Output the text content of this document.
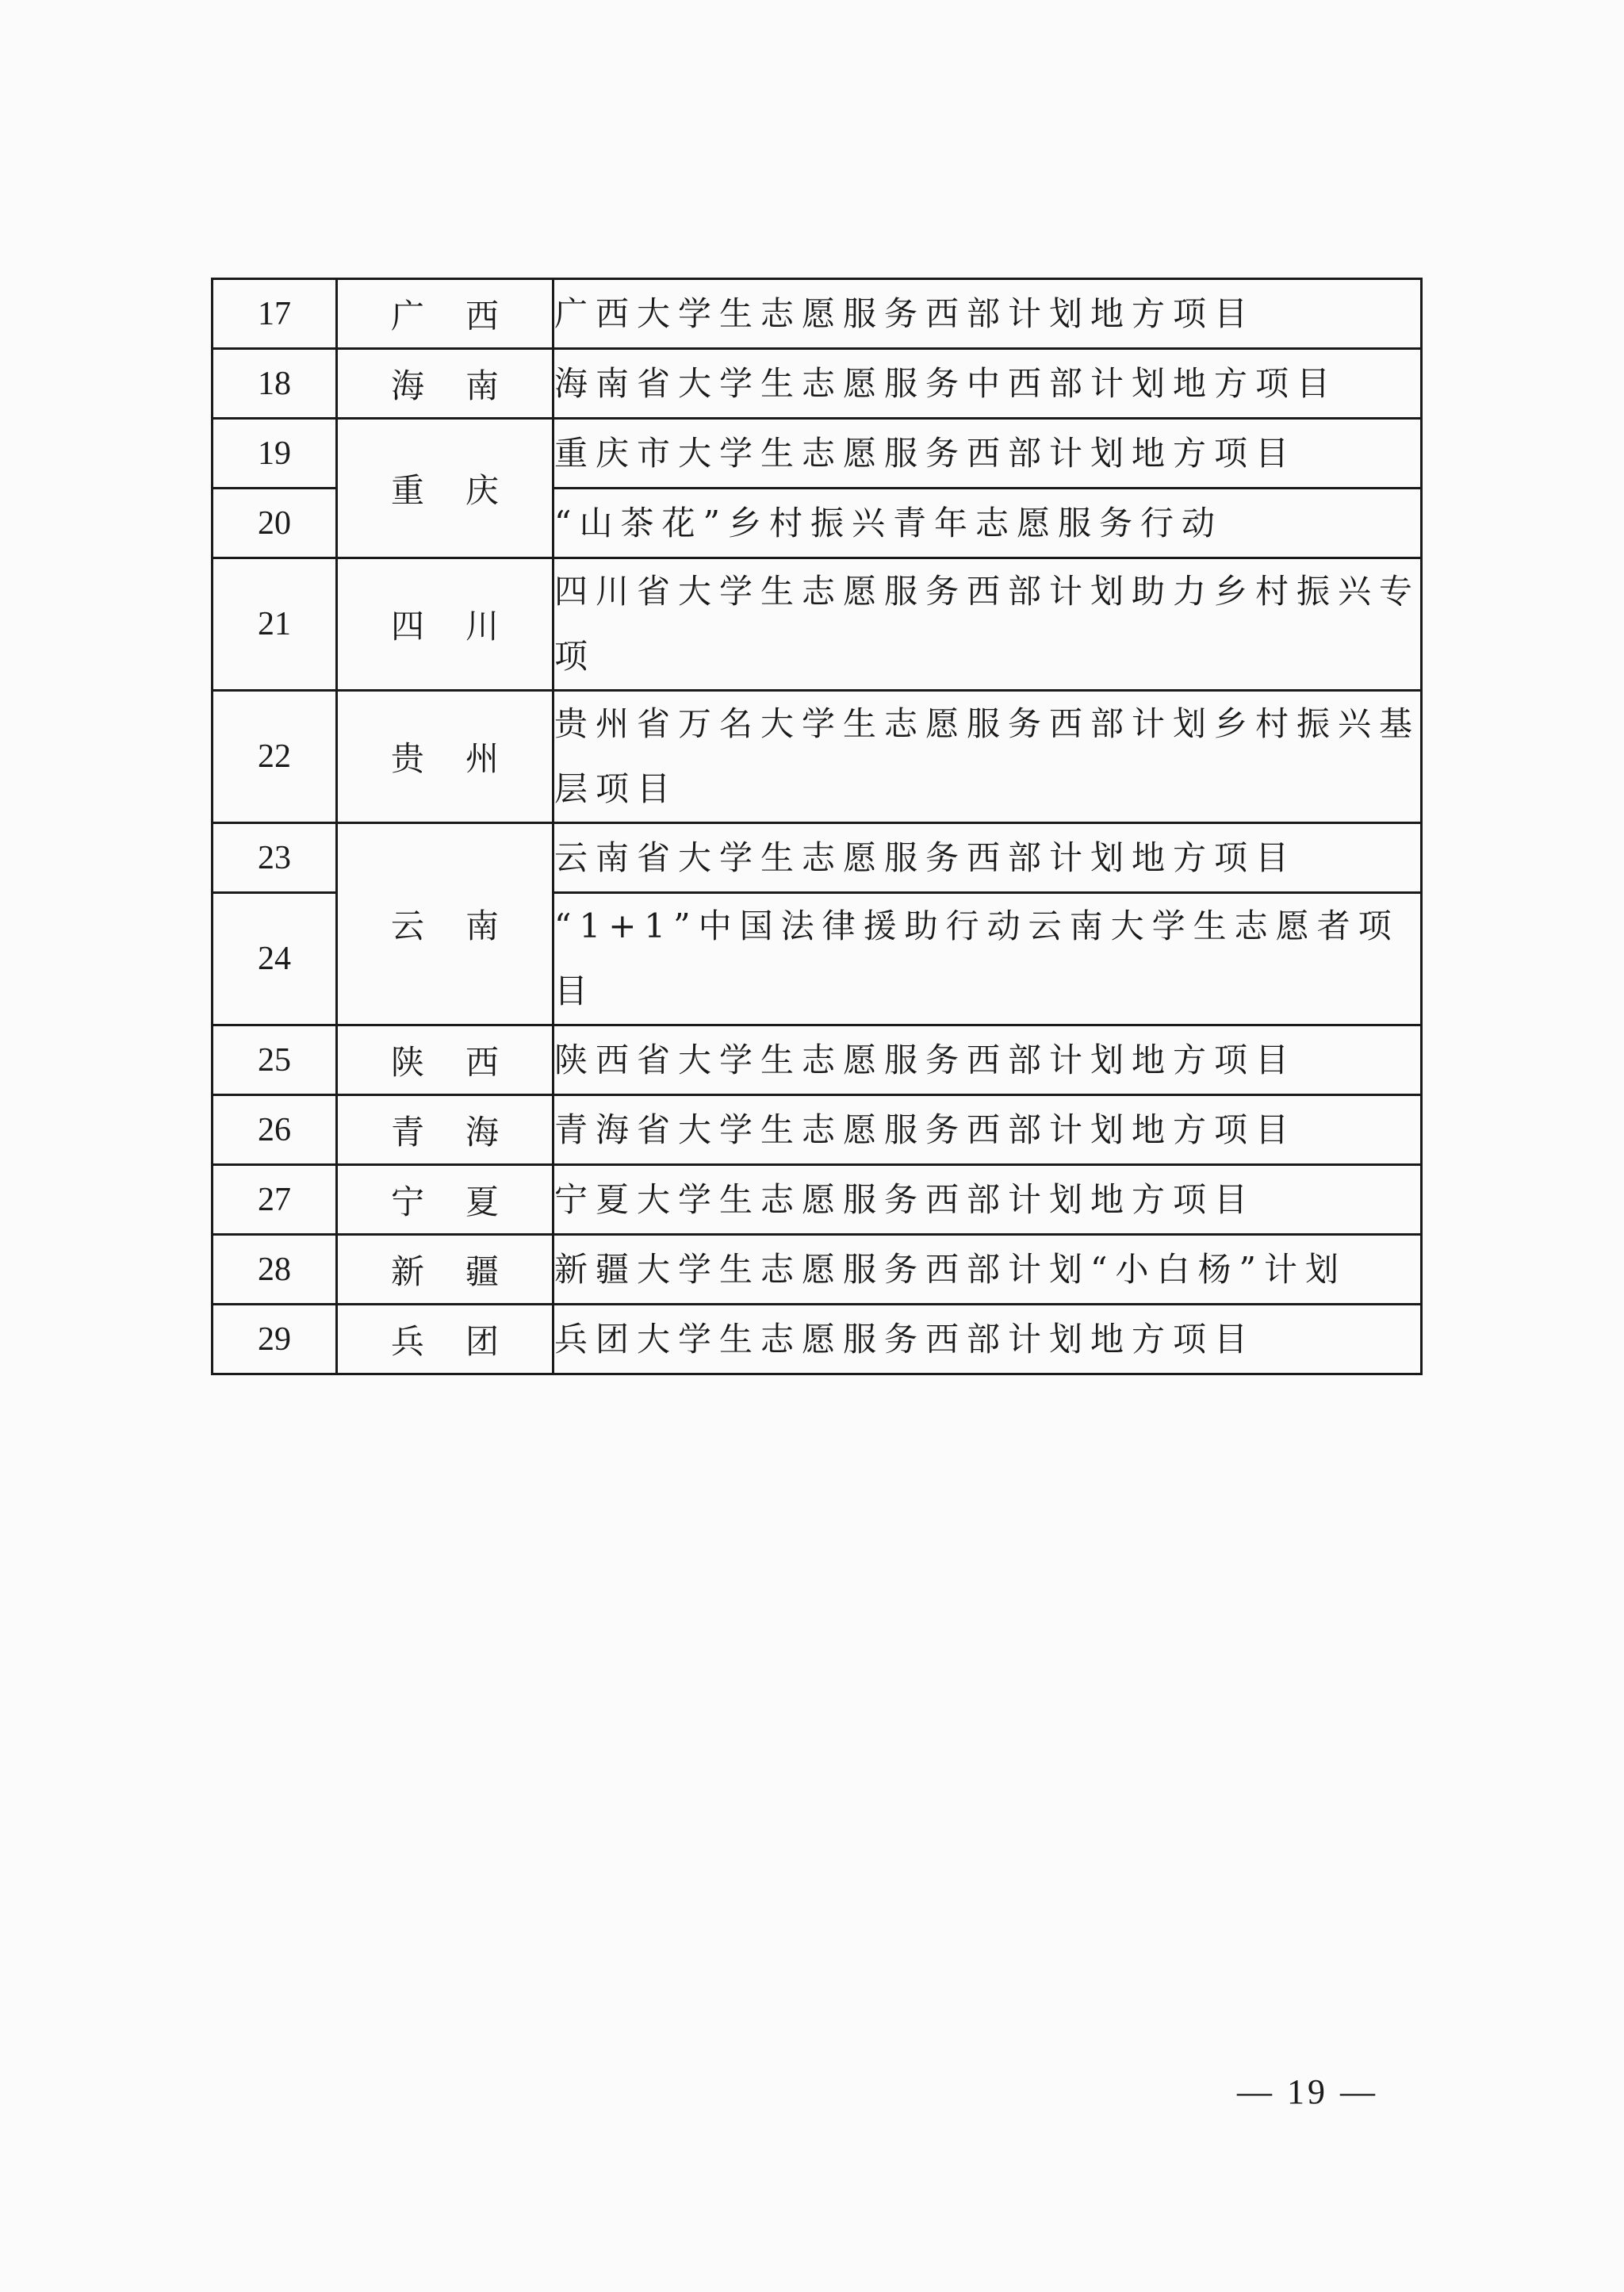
17	广西	广西大学生志愿服务西部计划地方项目
18	海南	海南省大学生志愿服务中西部计划地方项目
19	重庆	重庆市大学生志愿服务西部计划地方项目
20		“山茶花”乡村振兴青年志愿服务行动
21	四川	四川省大学生志愿服务西部计划助力乡村振兴专项
22	贵州	贵州省万名大学生志愿服务西部计划乡村振兴基层项目
23	云南	云南省大学生志愿服务西部计划地方项目
24		“1+1”中国法律援助行动云南大学生志愿者项目
25	陕西	陕西省大学生志愿服务西部计划地方项目
26	青海	青海省大学生志愿服务西部计划地方项目
27	宁夏	宁夏大学生志愿服务西部计划地方项目
28	新疆	新疆大学生志愿服务西部计划“小白杨”计划
29	兵团	兵团大学生志愿服务西部计划地方项目
— 19 —
